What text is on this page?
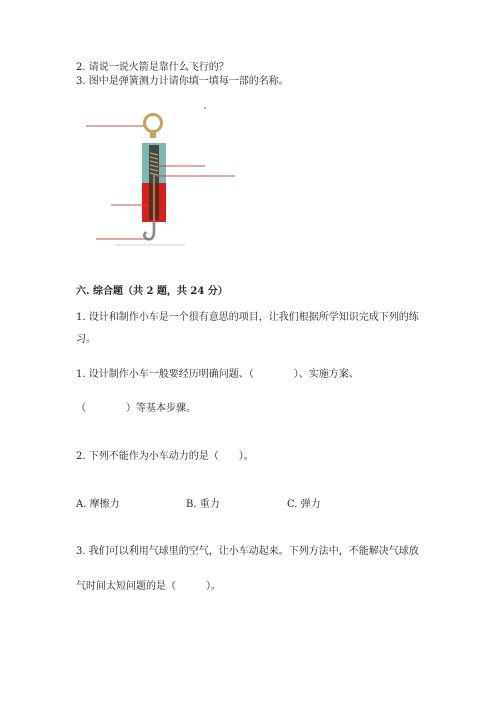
2. 请说一说火箭是靠什么飞行的？
3. 图中是弹簧测力计请你填一填每一部的名称。
六. 综合题（共 2 题，共 24 分）
1. 设计和制作小车是一个很有意思的项目，让我们根据所学知识完成下列的练
习。
1. 设计制作小车一般要经历明确问题、（　　　　）、实施方案、
（　　　　）等基本步骤。
2. 下列不能作为小车动力的是（　　）。
A. 摩擦力	B. 重力	C. 弹力
3. 我们可以利用气球里的空气，让小车动起来。下列方法中，不能解决气球放
气时间太短问题的是（　　　）。
